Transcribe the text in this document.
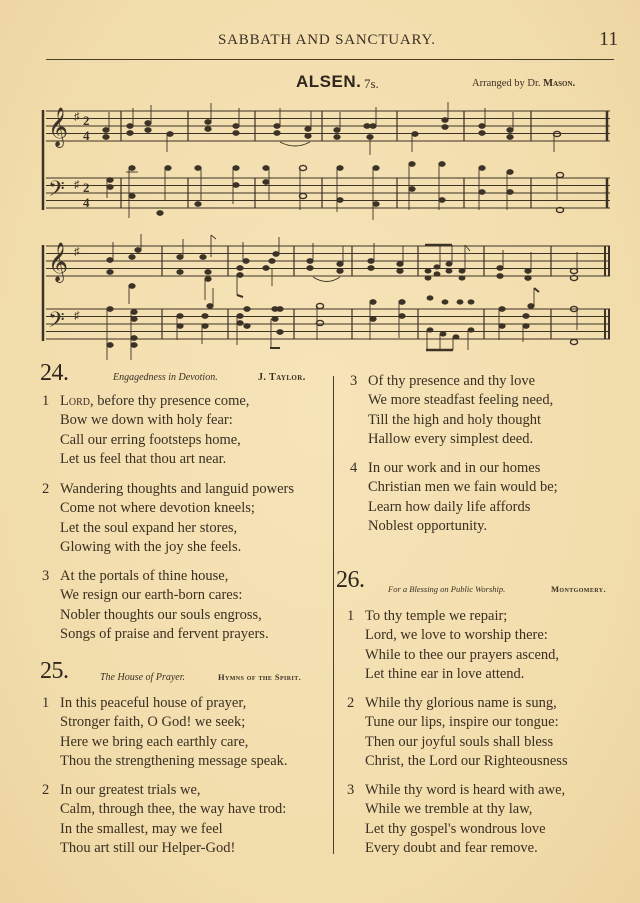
SABBATH AND SANCTUARY.	11
ALSEN. 7s.	Arranged by Dr. Mason.
𝄞
𝄢
♯
♯
2
4
2
4
𝄞
𝄢
♯
♯
24.	Engagedness in Devotion.	J. Taylor.
1 Lord, before thy presence come,
Bow we down with holy fear:
Call our erring footsteps home,
Let us feel that thou art near.
2 Wandering thoughts and languid powers
Come not where devotion kneels;
Let the soul expand her stores,
Glowing with the joy she feels.
3 At the portals of thine house,
We resign our earth-born cares:
Nobler thoughts our souls engross,
Songs of praise and fervent prayers.
3 Of thy presence and thy love
We more steadfast feeling need,
Till the high and holy thought
Hallow every simplest deed.
4 In our work and in our homes
Christian men we fain would be;
Learn how daily life affords
Noblest opportunity.
25.	The House of Prayer.	Hymns of the Spirit.
1 In this peaceful house of prayer,
Stronger faith, O God! we seek;
Here we bring each earthly care,
Thou the strengthening message speak.
2 In our greatest trials we,
Calm, through thee, the way have trod:
In the smallest, may we feel
Thou art still our Helper-God!
26.	For a Blessing on Public Worship.	Montgomery.
1 To thy temple we repair;
Lord, we love to worship there:
While to thee our prayers ascend,
Let thine ear in love attend.
2 While thy glorious name is sung,
Tune our lips, inspire our tongue:
Then our joyful souls shall bless
Christ, the Lord our Righteousness
3 While thy word is heard with awe,
While we tremble at thy law,
Let thy gospel's wondrous love
Every doubt and fear remove.
